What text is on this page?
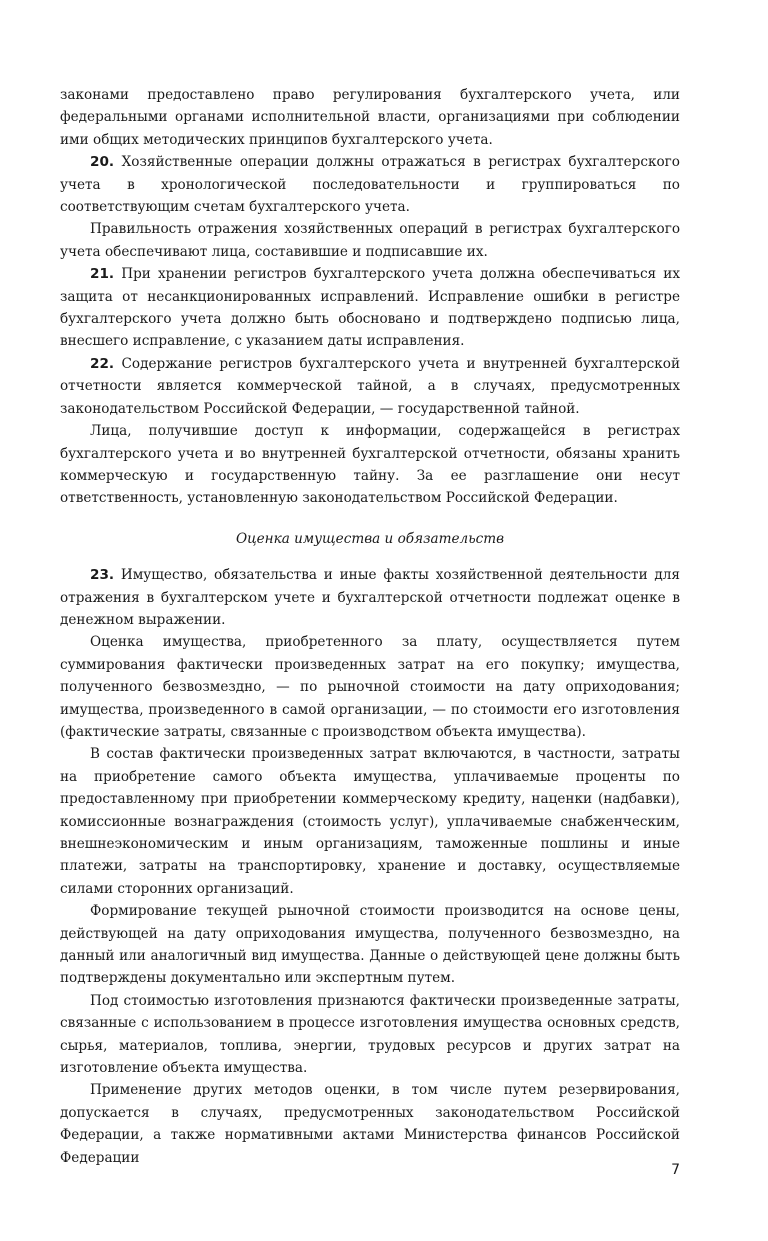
законами предоставлено право регулирования бухгалтерского учета, или федеральными органами исполнительной власти, организациями при соблюдении ими общих методических принципов бухгалтерского учета.

20. Хозяйственные операции должны отражаться в регистрах бухгалтерского учета в хронологической последовательности и группироваться по соответствующим счетам бухгалтерского учета.

Правильность отражения хозяйственных операций в регистрах бухгалтерского учета обеспечивают лица, составившие и подписавшие их.

21. При хранении регистров бухгалтерского учета должна обеспечиваться их защита от несанкционированных исправлений. Исправление ошибки в регистре бухгалтерского учета должно быть обосновано и подтверждено подписью лица, внесшего исправление, с указанием даты исправления.

22. Содержание регистров бухгалтерского учета и внутренней бухгалтерской отчетности является коммерческой тайной, а в случаях, предусмотренных законодательством Российской Федерации, — государственной тайной.

Лица, получившие доступ к информации, содержащейся в регистрах бухгалтерского учета и во внутренней бухгалтерской отчетности, обязаны хранить коммерческую и государственную тайну. За ее разглашение они несут ответственность, установленную законодательством Российской Федерации.

Оценка имущества и обязательств

23. Имущество, обязательства и иные факты хозяйственной деятельности для отражения в бухгалтерском учете и бухгалтерской отчетности подлежат оценке в денежном выражении.

Оценка имущества, приобретенного за плату, осуществляется путем суммирования фактически произведенных затрат на его покупку; имущества, полученного безвозмездно, — по рыночной стоимости на дату оприходования; имущества, произведенного в самой организации, — по стоимости его изготовления (фактические затраты, связанные с производством объекта имущества).

В состав фактически произведенных затрат включаются, в частности, затраты на приобретение самого объекта имущества, уплачиваемые проценты по предоставленному при приобретении коммерческому кредиту, наценки (надбавки), комиссионные вознаграждения (стоимость услуг), уплачиваемые снабженческим, внешнеэкономическим и иным организациям, таможенные пошлины и иные платежи, затраты на транспортировку, хранение и доставку, осуществляемые силами сторонних организаций.

Формирование текущей рыночной стоимости производится на основе цены, действующей на дату оприходования имущества, полученного безвозмездно, на данный или аналогичный вид имущества. Данные о действующей цене должны быть подтверждены документально или экспертным путем.

Под стоимостью изготовления признаются фактически произведенные затраты, связанные с использованием в процессе изготовления имущества основных средств, сырья, материалов, топлива, энергии, трудовых ресурсов и других затрат на изготовление объекта имущества.

Применение других методов оценки, в том числе путем резервирования, допускается в случаях, предусмотренных законодательством Российской Федерации, а также нормативными актами Министерства финансов Российской Федерации

7
